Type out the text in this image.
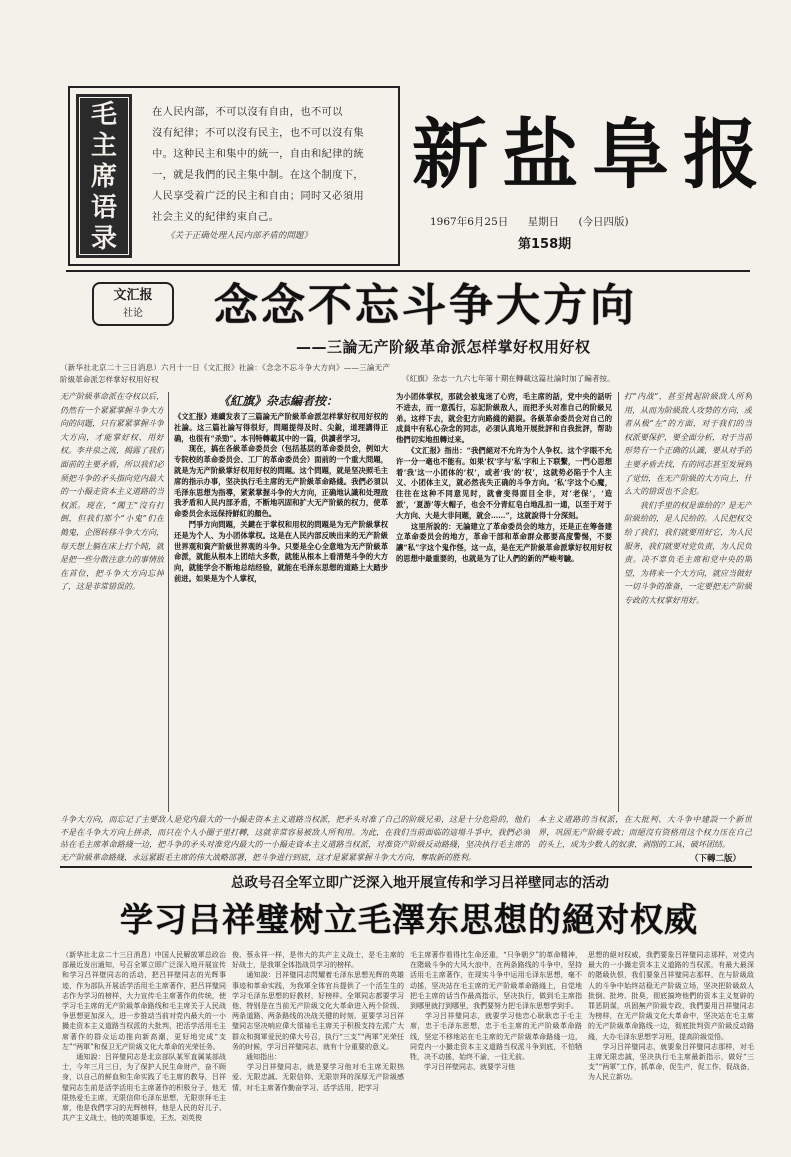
毛
主
席
语
录
在人民内部，不可以沒有自由，也不可以
沒有紀律；不可以沒有民主，也不可以沒有集
中。这种民主和集中的統一，自由和紀律的統
一，就是我們的民主集中制。在这个制度下，
人民享受着广泛的民主和自由；同时又必須用
社会主义的紀律約束自己。
《关于正确处理人民内部矛盾的問題》
新 盐 阜 报
1967年6月25日 星期日 (今日四版)
第158期
文汇报
社论	念念不忘斗争大方向
——三論无产阶級革命派怎样掌好权用好权
（新华社北京二十三日消息）六月十一日《文汇报》社論：《念念不忘斗争大方向》——三論无产阶級革命派怎样掌好权用好权	《紅旗》杂志一九六七年第十期在轉載这篇社論时加了編者按。
无产阶級革命派在夺权以后，仍然有一个紧紧掌握斗争大方向的问题，只有紧紧掌握斗争大方向，才能掌好权、用好权。李井泉之流，揭露了我们面前的主要矛盾，所以我们必须把斗争的矛头指向党内最大的一小撮走资本主义道路的当权派。现在，“闖王”沒有打倒，但我们那个“小鬼”们在搗鬼，企图转移斗争大方向，每天想上躺在床上打个盹，就是把一些分散注意力的事情放在首位，把斗争大方向忘掉了，这是非常错误的。
《紅旗》杂志編者按：
《文汇报》連續发表了三篇論无产阶級革命派怎样掌好权用好权的社論。这三篇社論写得很好，問題提得及时、尖銳，道理講得正确，也很有“杀勁”。本刊特轉載其中的一篇，供讀者学习。
　　现在，搞在各級革命委员会（包括基层的革命委员会，例如大专院校的革命委员会、工厂的革命委员会）面前的一个重大問題，就是为无产阶級掌好权用好权的問題。这个問題，就是坚决照毛主席的指示办事，坚决执行毛主席的无产阶級革命路綫。我們必須以毛泽东思想为指導，紧紧掌握斗争的大方向，正确地认識和处理敌我矛盾和人民内部矛盾，不断地巩固和扩大无产阶級的权力，使革命委员会永远保持鮮紅的顏色。
　　鬥爭方向問題，关鍵在于掌权和用权的問題是为无产阶級掌权还是为个人、为小团体掌权。这是在人民内部反映出来的无产阶級世界观和資产阶級世界观的斗争。只要是全心全意地为无产阶級革命派，就能从根本上团结大多数，就能从根本上看清楚斗争的大方向，就能学会不断地总结经验，就能在毛泽东思想的道路上大踏步前进。如果是为个人掌权，
为小团体掌权，那就会被鬼迷了心窍，毛主席的話，党中央的話听不进去，而一意孤行，忘記阶級敌人，而把矛头对准自己的阶級兄弟。这样下去，就会犯方向路綫的錯誤。各級革命委员会对自己的成員中有私心杂念的同志，必須认真地开展批評和自我批評，帮助他們切实地扭轉过来。
　　《文汇报》指出：“我們絕对不允许为个人争权、这个字眼不允许一分一毫也不能有。如果‘权’字与‘私’字和上下联繫，一門心思想着‘我’这一小团体的‘权’，或者‘我’的‘权’，这就势必陷于个人主义、小团体主义，就必然丧失正确的斗争方向。‘私’字这个心魔，往往在这种不同意见时，就會变得面目全非，对‘老保’，‘造派’，‘夏游’等大帽子，也会不分青紅皂白地乱扣一通，以至于对于大方向、大是大非问题，就会……”，这就說得十分深刻。
　　这里所說的：无論建立了革命委员会的地方，还是正在筹备建立革命委员会的地方，革命干部和革命群众都要高度警惕，不要讓“私”字这个鬼作怪，这一点，是在无产阶級革命派掌好权用好权的思想中最重要的，也就是为了让人們的新的严峻考驗。
打“内战”，甚至挑起阶級敌人所利用，从而为阶級敌人攻势的方向，或者从极“左”的方面，对于我们的当权派要保护，要全面分析，对于当前形势有一个正确的认識，要从对手的主要矛盾去找，有的同志甚至发展到了觉悟，在无产阶級的大方向上，什么大的错误也不会犯。
　　我们手里的权是谁给的？是无产阶級给的，是人民给的。人民把权交给了我们，我们就要用好它，为人民服务，我们就要对党负责，为人民负责。决不辜负毛主席和党中央的期望，为将来一个大方向，就应当做好一切斗争的准备，一定要把无产阶級专政的大权掌好用好。
斗争大方向，而忘记了主要敌人是党内最大的一小撮走资本主义道路当权派，把矛头对准了自己的阶級兄弟，这是十分危险的，他们不是在斗争大方向上拼杀，而只在个人小圈子里打轉，这就非常容易被敌人所利用。为此，在我们当前面临的這場斗爭中，我們必須站在毛主席革命路綫一边，把斗争的矛头对准党内最大的一小撮走資本主义道路当权派，对准资产阶級反动路綫，坚决执行毛主席的无产阶級革命路綫，永远紧跟毛主席的伟大战略部署，把斗争进行到底，这才是紧紧掌握斗争大方向，奪取新的胜利。
本主义道路的当权派，在大批判、大斗争中建設一个新世界，巩固无产阶級专政；而絕沒有资格用这个权力压在自己的头上，成为少数人的奴隶、剥削的工具，破坏团结。
（下轉二版）
总政号召全军立即广泛深入地开展宣传和学习吕祥壁同志的活动
学习吕祥璧树立毛澤东思想的絕对权威
（新华社北京二十三日消息）中国人民解放軍总政治部最近发出通知，号召全軍立即广泛深入地开展宣传和学习吕祥壁同志的活动，把吕祥壁同志的光辉事迹，作为部队开展活学活用毛主席著作，把吕祥璧同志作为学习的榜样，大力宣传毛主席著作的传统，使学习毛主席的无产阶級革命路线和毛主席关于人民战争思想更加深入，进一步推动当前对党内最大的一小撮走资本主义道路当权派的大批判，把活学活用毛主席著作的群众运动推向新高潮，更好地完成“支左”“两軍”和保卫无产阶級文化大革命的光荣任务。
　　通知說：吕祥璧同志是北京部队某军直属某部战士，今年三月三日，为了保护人民生命财产，奋不顾身，以自己的鮮血和生命实践了毛主席的教导，吕祥璧同志生前是活学活用毛主席著作的积极分子，他无限热爱毛主席，无限信仰毛泽东思想，无限崇拜毛主席，他是我們学习的光辉榜样，他是人民的好儿子、共产主义战士，他的英雄事迹，王杰、刘英俊
俊、蔡永祥一样，是伟大的共产主义战士，是毛主席的好战士，是我軍全体指战员学习的榜样。
　　通知說：吕祥璧同志閃耀着毛泽东思想光辉的英雄事迹和革命实践，为我軍全体官兵提供了一个活生生的学习毛泽东思想的好教材，好榜样。全軍同志都要学习他，特别是在当前无产阶級文化大革命进入两个阶级、两条道路、两条路线的决战关键的时刻，更要学习吕祥璧同志坚决响应偉大領袖毛主席关于积极支持左派广大群众和拥軍爱民的偉大号召，执行“三支”“两軍”光荣任务的时候，学习吕祥璧同志，就有十分重要的意义。
　　通知指出：
　　学习吕祥璧同志，就是要学习他对毛主席无限热爱、无限忠誠、无限信仰、无限崇拜的深厚无产阶級感情，对毛主席著作勤奋学习、活学活用，把学习
毛主席著作看得比生命还重，“只争朝夕”的革命精神，在階級斗争的大风大浪中，在两条路线的斗争中，坚持活用毛主席著作，在现实斗争中运用毛泽东思想，毫不动搖，坚决站在毛主席的无产阶級革命路綫上，自觉地把毛主席的话当作最高指示，坚决执行，做到毛主席指到哪里就打到哪里，我們要努力把毛泽东思想学到手。
　　学习吕祥璧同志，就要学习他忠心耿耿忠于毛主席，忠于毛泽东思想，忠于毛主席的无产阶級革命路线，坚定不移地站在毛主席的无产阶級革命路綫一边，同党内一小撮走资本主义道路当权派斗争到底，不怕牺牲，决不动搖，始终不渝，一往无前。
　　学习吕祥壁同志，就要学习他
思想的絕对权威，我們要象吕祥璧同志那样，对党内最大的一小撮走资本主义道路的当权派，有最大最深的階級仇恨，我们要象吕祥璧同志那样，在与阶級敌人的斗争中始终站稳无产阶級立场，坚决把阶級敌人批倒、批垮、批臭，彻底搞垮他們的资本主义复辟的罪恶阴谋，巩固無产阶級专政，我們要用吕祥璧同志为榜样，在无产阶級文化大革命中，坚决站在毛主席的无产阶級革命路线一边，彻底批判资产阶級反动路綫，大办毛泽东思想学习班，提高阶級觉悟。
　　学习吕祥璧同志，就要象吕祥璧同志那样，对毛主席无限忠誠，坚决执行毛主席最新指示，做好“三支”“两軍”工作，抓革命，促生产，促工作，促战备，为人民立新功。
